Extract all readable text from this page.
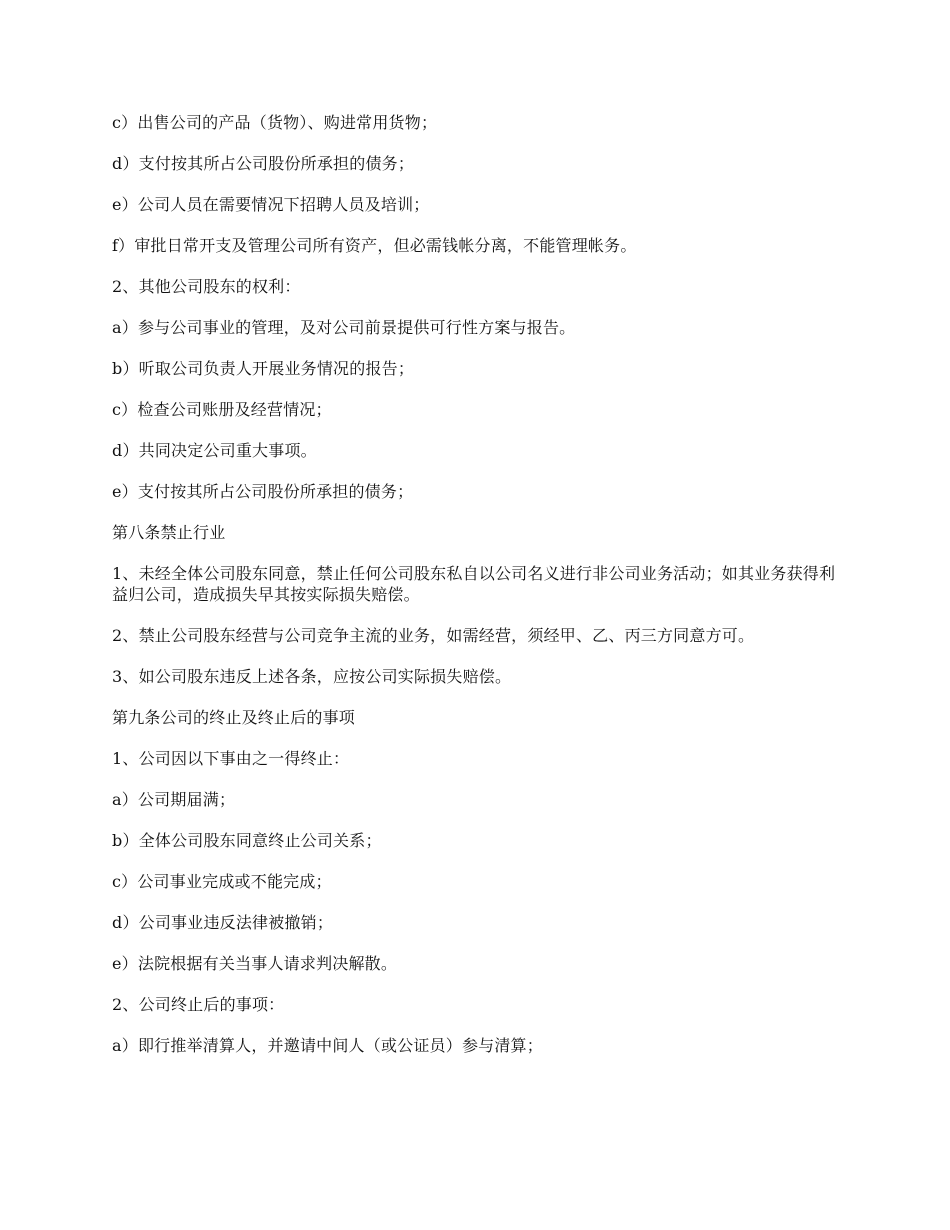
c）出售公司的产品（货物）、购进常用货物；

d）支付按其所占公司股份所承担的债务；

e）公司人员在需要情况下招聘人员及培训；

f）审批日常开支及管理公司所有资产，但必需钱帐分离，不能管理帐务。

2、其他公司股东的权利：

a）参与公司事业的管理，及对公司前景提供可行性方案与报告。

b）听取公司负责人开展业务情况的报告；

c）检查公司账册及经营情况；

d）共同决定公司重大事项。

e）支付按其所占公司股份所承担的债务；

第八条禁止行业

1、未经全体公司股东同意，禁止任何公司股东私自以公司名义进行非公司业务活动；如其业务获得利益归公司，造成损失早其按实际损失赔偿。

2、禁止公司股东经营与公司竞争主流的业务，如需经营，须经甲、乙、丙三方同意方可。

3、如公司股东违反上述各条，应按公司实际损失赔偿。

第九条公司的终止及终止后的事项

1、公司因以下事由之一得终止：

a）公司期届满；

b）全体公司股东同意终止公司关系；

c）公司事业完成或不能完成；

d）公司事业违反法律被撤销；

e）法院根据有关当事人请求判决解散。

2、公司终止后的事项：

a）即行推举清算人，并邀请中间人（或公证员）参与清算；
